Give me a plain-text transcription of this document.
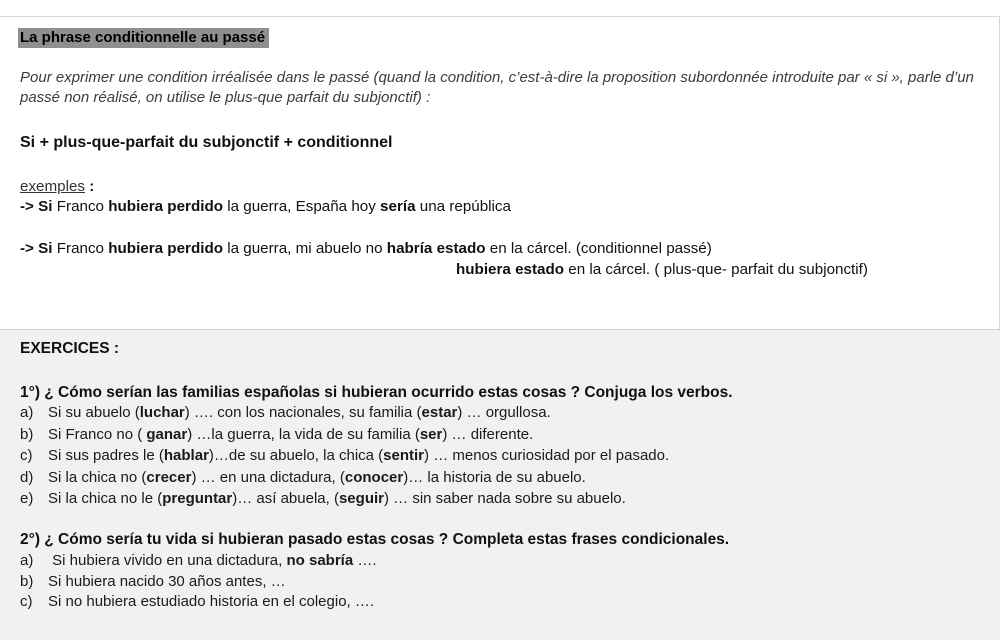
La phrase conditionnelle au passé
Pour exprimer une condition irréalisée dans le passé (quand la condition, c’est-à-dire la proposition subordonnée introduite par « si », parle d’un passé non réalisé, on utilise le plus-que parfait du subjonctif) :
Si + plus-que-parfait du subjonctif + conditionnel
exemples :
-> Si Franco hubiera perdido la guerra, España hoy sería una república
-> Si Franco hubiera perdido la guerra, mi abuelo no habría estado en la cárcel. (conditionnel passé)
hubiera estado en la cárcel. ( plus-que- parfait du subjonctif)
EXERCICES :
1°) ¿ Cómo serían las familias españolas si hubieran ocurrido estas cosas ? Conjuga los verbos.
a) Si su abuelo (luchar) …. con los nacionales, su familia (estar) … orgullosa.
b) Si Franco no ( ganar) …la guerra, la vida de su familia (ser) … diferente.
c) Si sus padres le (hablar)…de su abuelo, la chica (sentir) … menos curiosidad por el pasado.
d) Si la chica no (crecer) … en una dictadura, (conocer)… la historia de su abuelo.
e) Si la chica no le (preguntar)… así abuela, (seguir) … sin saber nada sobre su abuelo.
2°) ¿ Cómo sería tu vida si hubieran pasado estas cosas ? Completa estas frases condicionales.
a) Si hubiera vivido en una dictadura, no sabría ….
b) Si hubiera nacido 30 años antes, …
c) Si no hubiera estudiado historia en el colegio, ….
